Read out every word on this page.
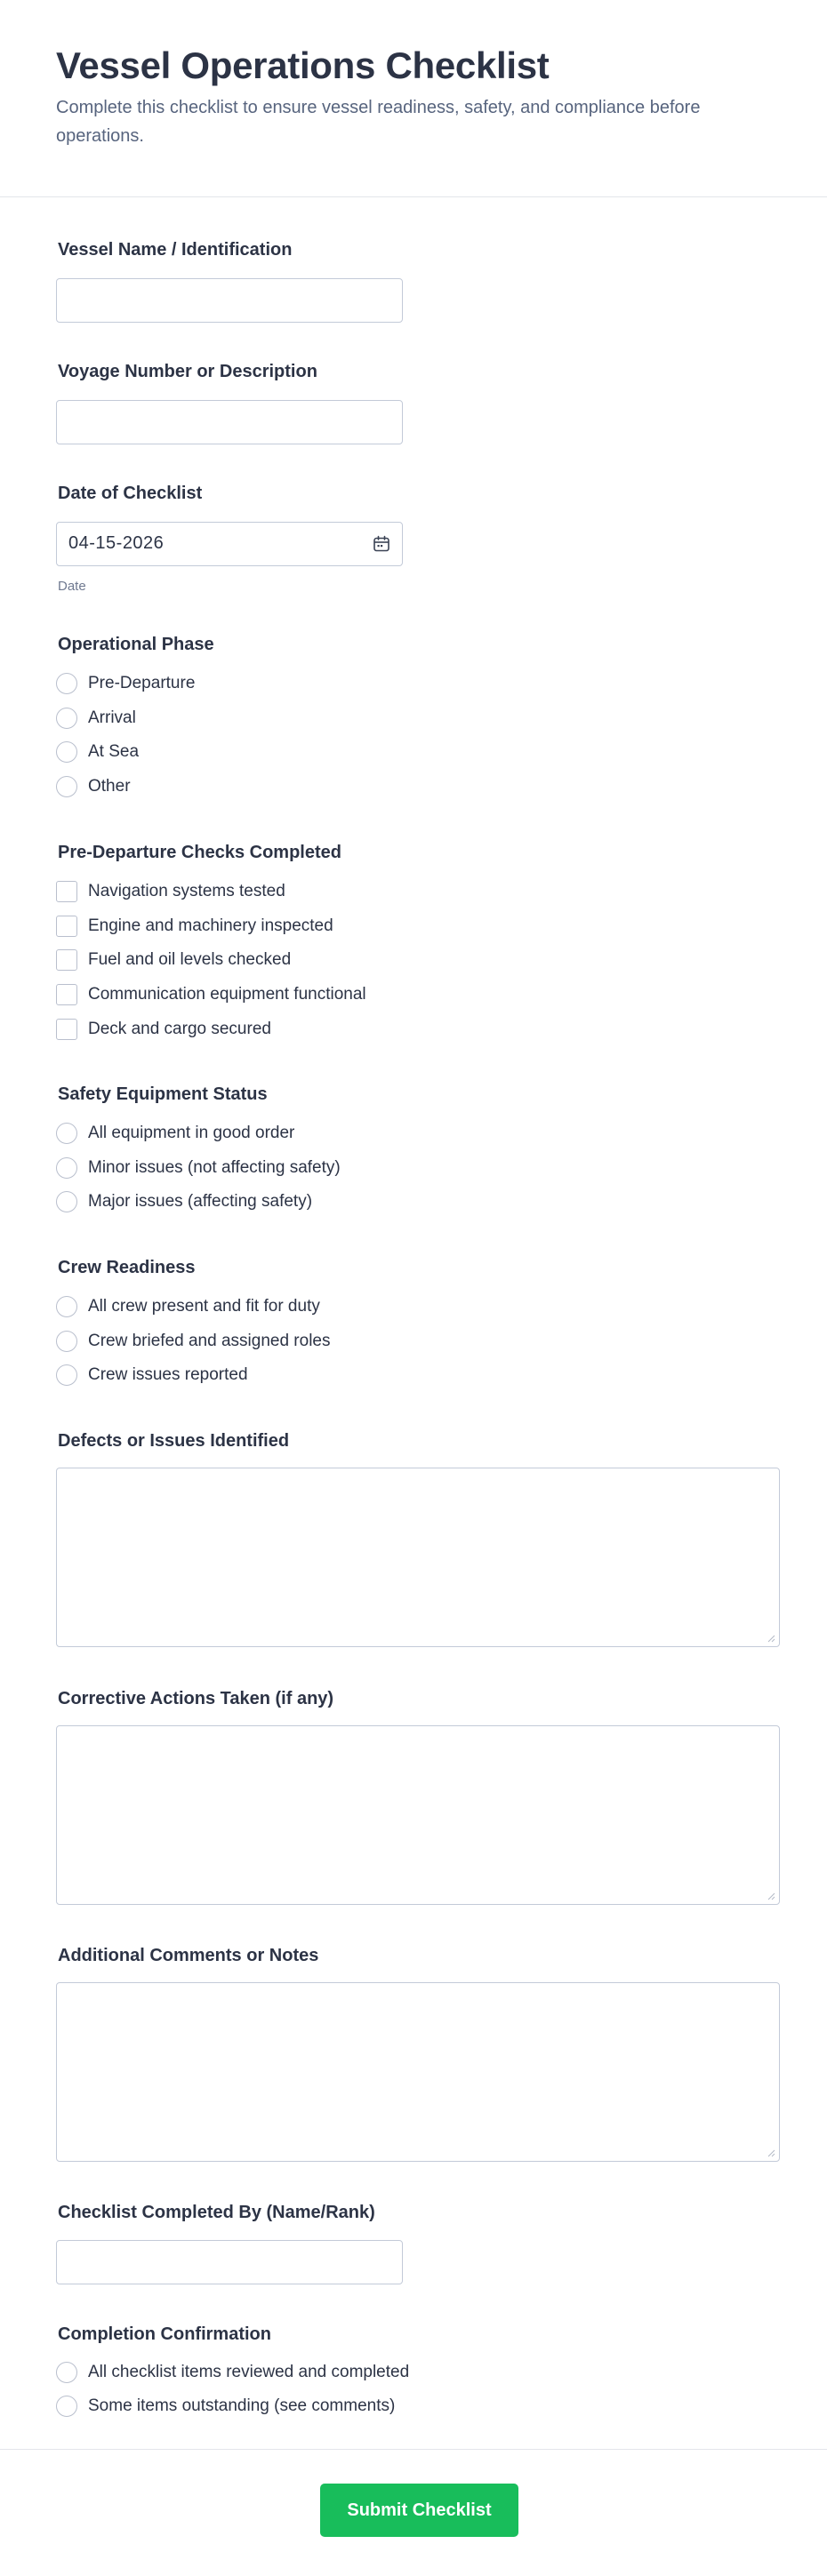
Vessel Operations Checklist

Complete this checklist to ensure vessel readiness, safety, and compliance before operations.

Vessel Name / Identification
Voyage Number or Description
Date of Checklist
04-15-2026
Date
Operational Phase
Pre-Departure
Arrival
At Sea
Other
Pre-Departure Checks Completed
Navigation systems tested
Engine and machinery inspected
Fuel and oil levels checked
Communication equipment functional
Deck and cargo secured
Safety Equipment Status
All equipment in good order
Minor issues (not affecting safety)
Major issues (affecting safety)
Crew Readiness
All crew present and fit for duty
Crew briefed and assigned roles
Crew issues reported
Defects or Issues Identified
Corrective Actions Taken (if any)
Additional Comments or Notes
Checklist Completed By (Name/Rank)
Completion Confirmation
All checklist items reviewed and completed
Some items outstanding (see comments)
Submit Checklist
